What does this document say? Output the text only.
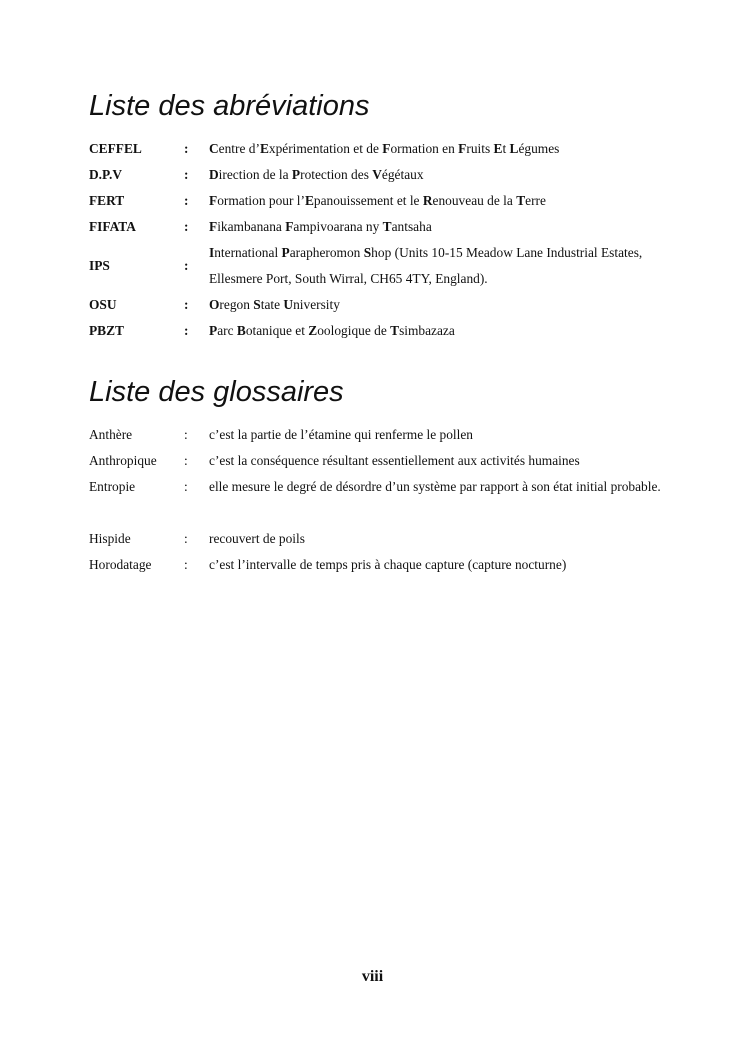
Liste des abréviations
CEFFEL	: Centre d’Expérimentation et de Formation en Fruits Et Légumes
D.P.V	: Direction de la Protection des Végétaux
FERT	: Formation pour l’Epanouissement et le Renouveau de la Terre
FIFATA	: Fikambanana Fampivoarana ny Tantsaha
IPS	:
International Parapheromon Shop (Units 10-15 Meadow Lane Industrial Estates, Ellesmere Port, South Wirral, CH65 4TY, England).
OSU	: Oregon State University
PBZT	: Parc Botanique et Zoologique de Tsimbazaza
Liste des glossaires
Anthère	: c’est la partie de l’étamine qui renferme le pollen
Anthropique : c’est la conséquence résultant essentiellement aux activités humaines
Entropie	: elle mesure le degré de désordre d’un système par rapport à son état initial probable.
Hispide	: recouvert de poils
Horodatage : c’est l’intervalle de temps pris à chaque capture (capture nocturne)
viii
